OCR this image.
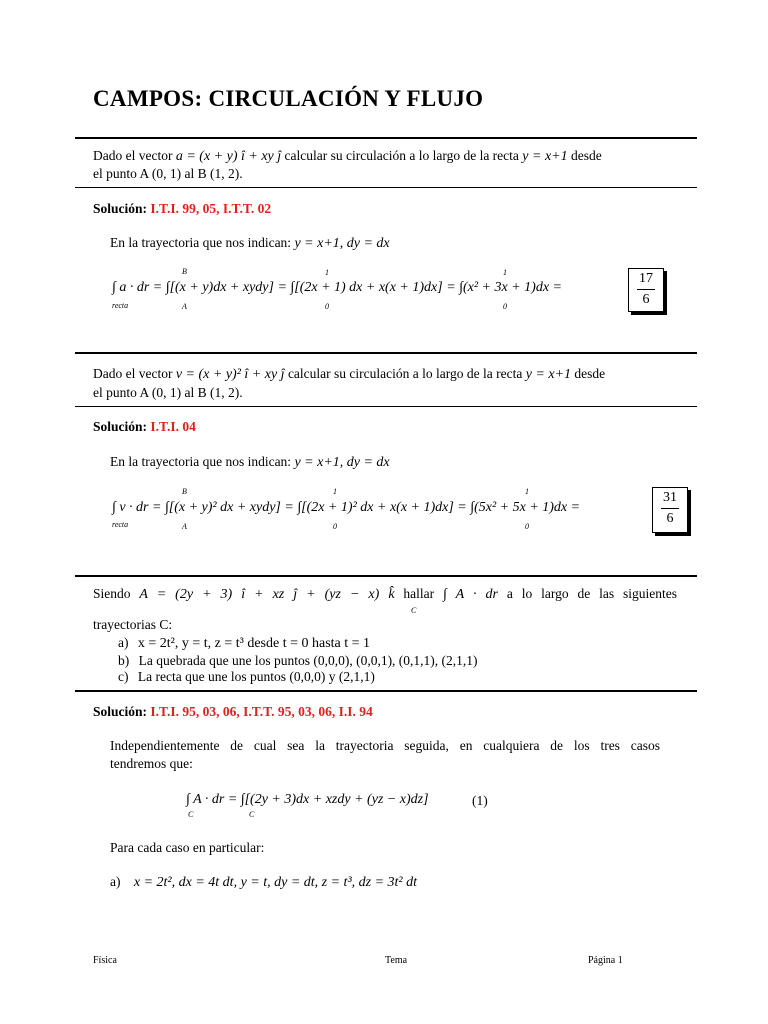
CAMPOS: CIRCULACIÓN Y FLUJO
Dado el vector a = (x + y) î + xy ĵ calcular su circulación a lo largo de la recta y = x+1 desde
el punto A (0, 1) al B (1, 2).
Solución: I.T.I. 99, 05, I.T.T. 02
En la trayectoria que nos indican: y = x+1, dy = dx
∫ a · dr = ∫[(x + y)dx + xydy] = ∫[(2x + 1) dx + x(x + 1)dx] = ∫(x² + 3x + 1)dx =
recta
B
A
1
0
1
0
17
6
Dado el vector v = (x + y)² î + xy ĵ calcular su circulación a lo largo de la recta y = x+1 desde
el punto A (0, 1) al B (1, 2).
Solución: I.T.I. 04
En la trayectoria que nos indican: y = x+1, dy = dx
∫ v · dr = ∫[(x + y)² dx + xydy] = ∫[(2x + 1)² dx + x(x + 1)dx] = ∫(5x² + 5x + 1)dx =
recta
B
A
1
0
1
0
31
6
Siendo A = (2y + 3) î + xz ĵ + (yz − x) k̂ hallar ∫ A · dr a lo largo de las siguientes
C
trayectorias C:
a) x = 2t², y = t, z = t³ desde t = 0 hasta t = 1
b) La quebrada que une los puntos (0,0,0), (0,0,1), (0,1,1), (2,1,1)
c) La recta que une los puntos (0,0,0) y (2,1,1)
Solución: I.T.I. 95, 03, 06, I.T.T. 95, 03, 06, I.I. 94
Independientemente de cual sea la trayectoria seguida, en cualquiera de los tres casos
tendremos que:
∫ A · dr = ∫[(2y + 3)dx + xzdy + (yz − x)dz]
C	C
(1)
Para cada caso en particular:
a) x = 2t², dx = 4t dt, y = t, dy = dt, z = t³, dz = 3t² dt
Física	Tema	Página 1
